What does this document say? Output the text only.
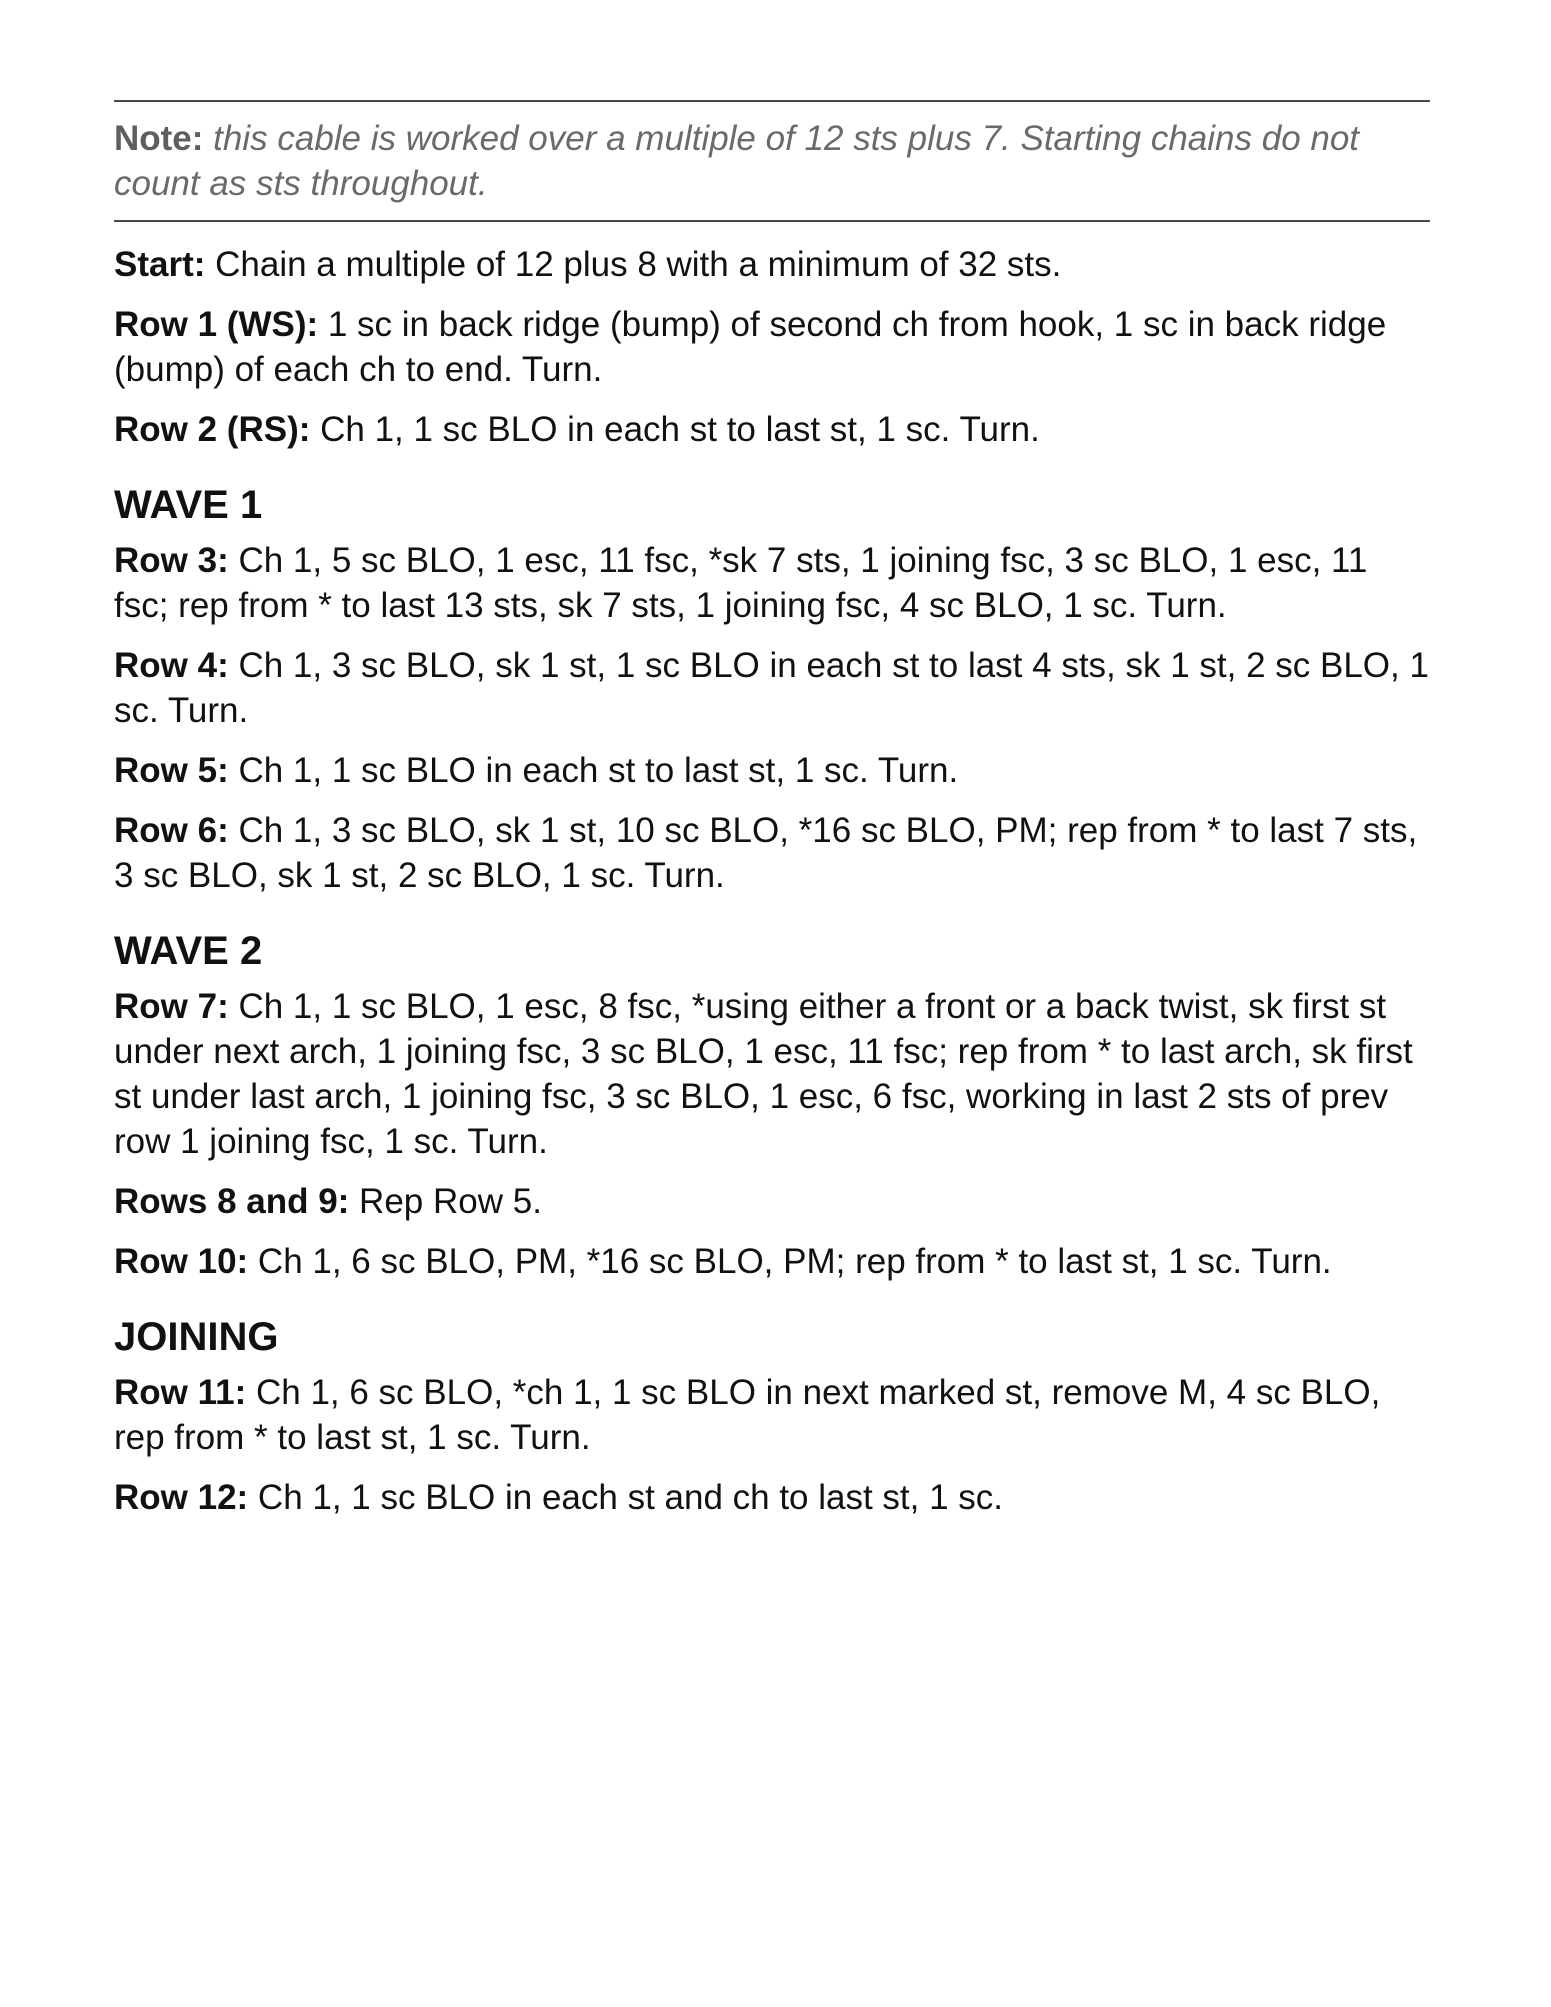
Note: this cable is worked over a multiple of 12 sts plus 7. Starting chains do not count as sts throughout.

Start: Chain a multiple of 12 plus 8 with a minimum of 32 sts.

Row 1 (WS): 1 sc in back ridge (bump) of second ch from hook, 1 sc in back ridge (bump) of each ch to end. Turn.

Row 2 (RS): Ch 1, 1 sc BLO in each st to last st, 1 sc. Turn.

WAVE 1

Row 3: Ch 1, 5 sc BLO, 1 esc, 11 fsc, *sk 7 sts, 1 joining fsc, 3 sc BLO, 1 esc, 11 fsc; rep from * to last 13 sts, sk 7 sts, 1 joining fsc, 4 sc BLO, 1 sc. Turn.

Row 4: Ch 1, 3 sc BLO, sk 1 st, 1 sc BLO in each st to last 4 sts, sk 1 st, 2 sc BLO, 1 sc. Turn.

Row 5: Ch 1, 1 sc BLO in each st to last st, 1 sc. Turn.

Row 6: Ch 1, 3 sc BLO, sk 1 st, 10 sc BLO, *16 sc BLO, PM; rep from * to last 7 sts, 3 sc BLO, sk 1 st, 2 sc BLO, 1 sc. Turn.

WAVE 2

Row 7: Ch 1, 1 sc BLO, 1 esc, 8 fsc, *using either a front or a back twist, sk first st under next arch, 1 joining fsc, 3 sc BLO, 1 esc, 11 fsc; rep from * to last arch, sk first st under last arch, 1 joining fsc, 3 sc BLO, 1 esc, 6 fsc, working in last 2 sts of prev row 1 joining fsc, 1 sc. Turn.

Rows 8 and 9: Rep Row 5.

Row 10: Ch 1, 6 sc BLO, PM, *16 sc BLO, PM; rep from * to last st, 1 sc. Turn.

JOINING

Row 11: Ch 1, 6 sc BLO, *ch 1, 1 sc BLO in next marked st, remove M, 4 sc BLO, rep from * to last st, 1 sc. Turn.

Row 12: Ch 1, 1 sc BLO in each st and ch to last st, 1 sc.
